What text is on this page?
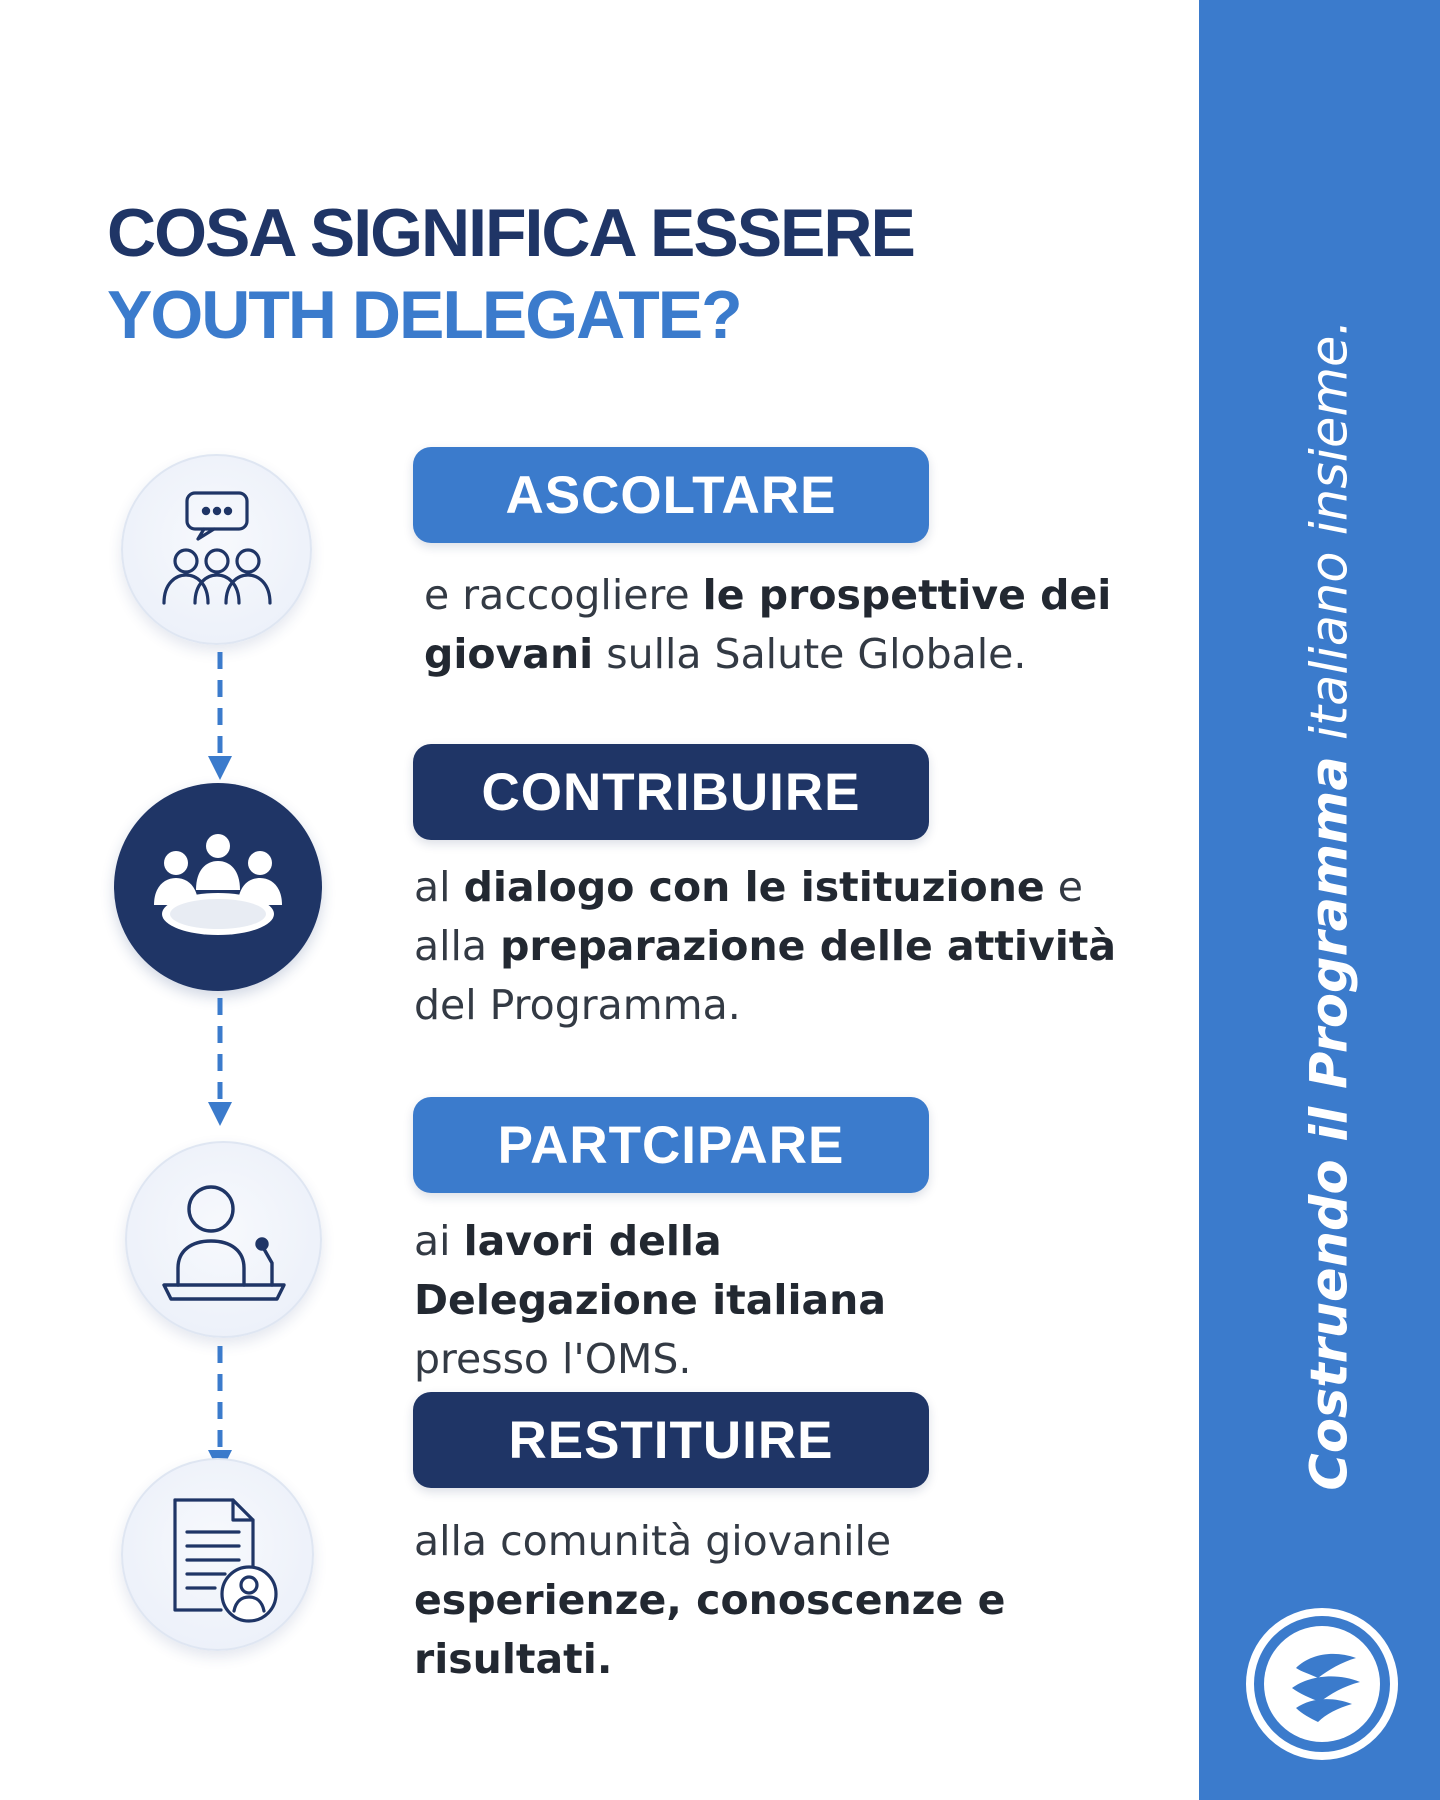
COSA SIGNIFICA ESSERE
YOUTH DELEGATE?
ASCOLTARE
CONTRIBUIRE
PARTCIPARE
RESTITUIRE

e raccogliere le prospettive dei giovani sulla Salute Globale.

al dialogo con le istituzione e alla preparazione delle attività del Programma.

ai lavori della Delegazione italiana presso l'OMS.

alla comunità giovanile esperienze, conoscenze e risultati.

Costruendo il Programma italiano insieme.
